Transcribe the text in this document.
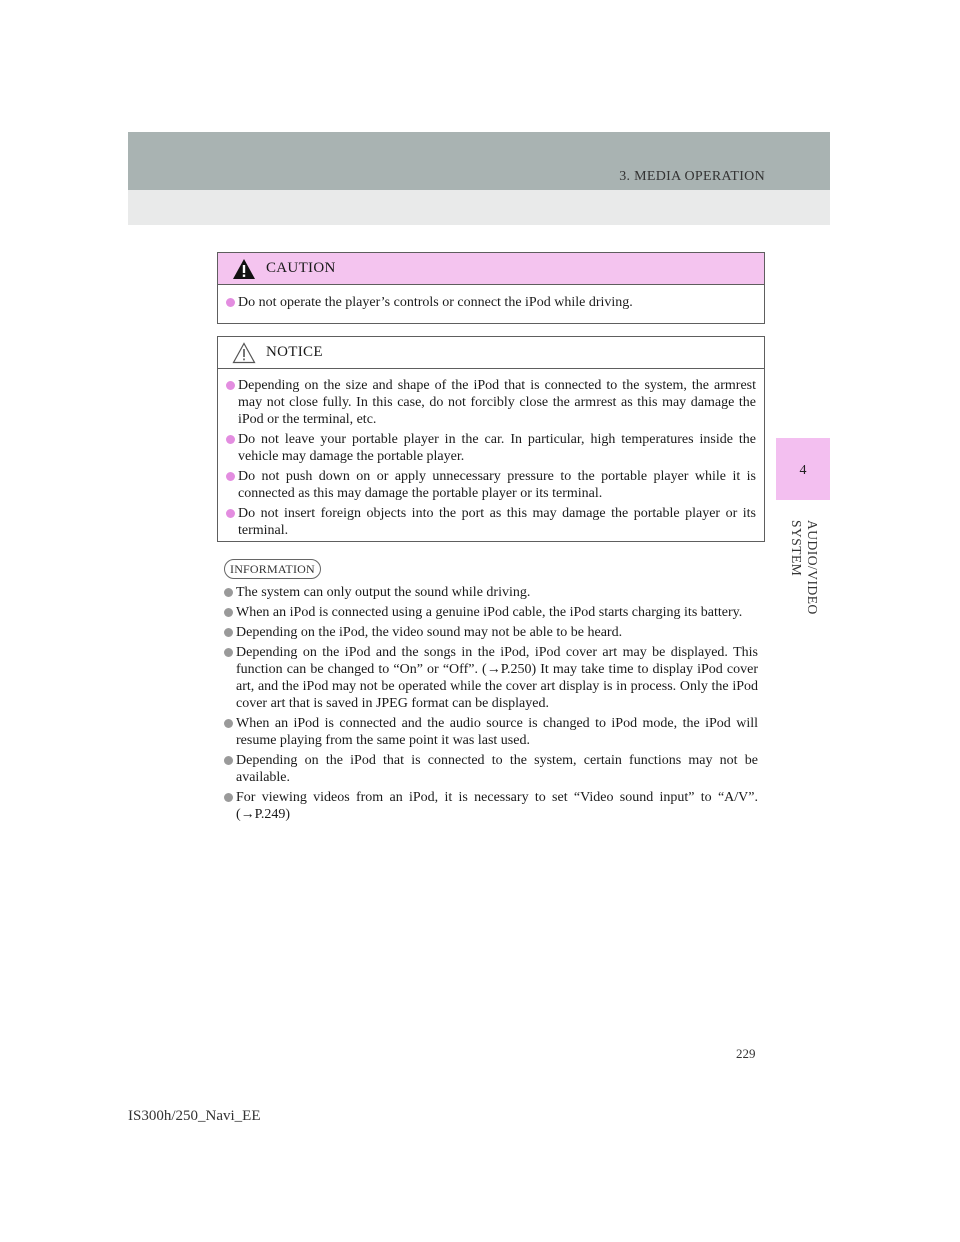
3. MEDIA OPERATION
4
AUDIO/VIDEO SYSTEM
CAUTION
Do not operate the player’s controls or connect the iPod while driving.
NOTICE
Depending on the size and shape of the iPod that is connected to the system, the armrest may not close fully. In this case, do not forcibly close the armrest as this may damage the iPod or the terminal, etc.
Do not leave your portable player in the car. In particular, high temperatures inside the vehicle may damage the portable player.
Do not push down on or apply unnecessary pressure to the portable player while it is connected as this may damage the portable player or its terminal.
Do not insert foreign objects into the port as this may damage the portable player or its terminal.
INFORMATION
The system can only output the sound while driving.
When an iPod is connected using a genuine iPod cable, the iPod starts charging its battery.
Depending on the iPod, the video sound may not be able to be heard.
Depending on the iPod and the songs in the iPod, iPod cover art may be displayed. This function can be changed to “On” or “Off”. (→P.250) It may take time to display iPod cover art, and the iPod may not be operated while the cover art display is in process. Only the iPod cover art that is saved in JPEG format can be displayed.
When an iPod is connected and the audio source is changed to iPod mode, the iPod will resume playing from the same point it was last used.
Depending on the iPod that is connected to the system, certain functions may not be available.
For viewing videos from an iPod, it is necessary to set “Video sound input” to “A/V”. (→P.249)
229
IS300h/250_Navi_EE
